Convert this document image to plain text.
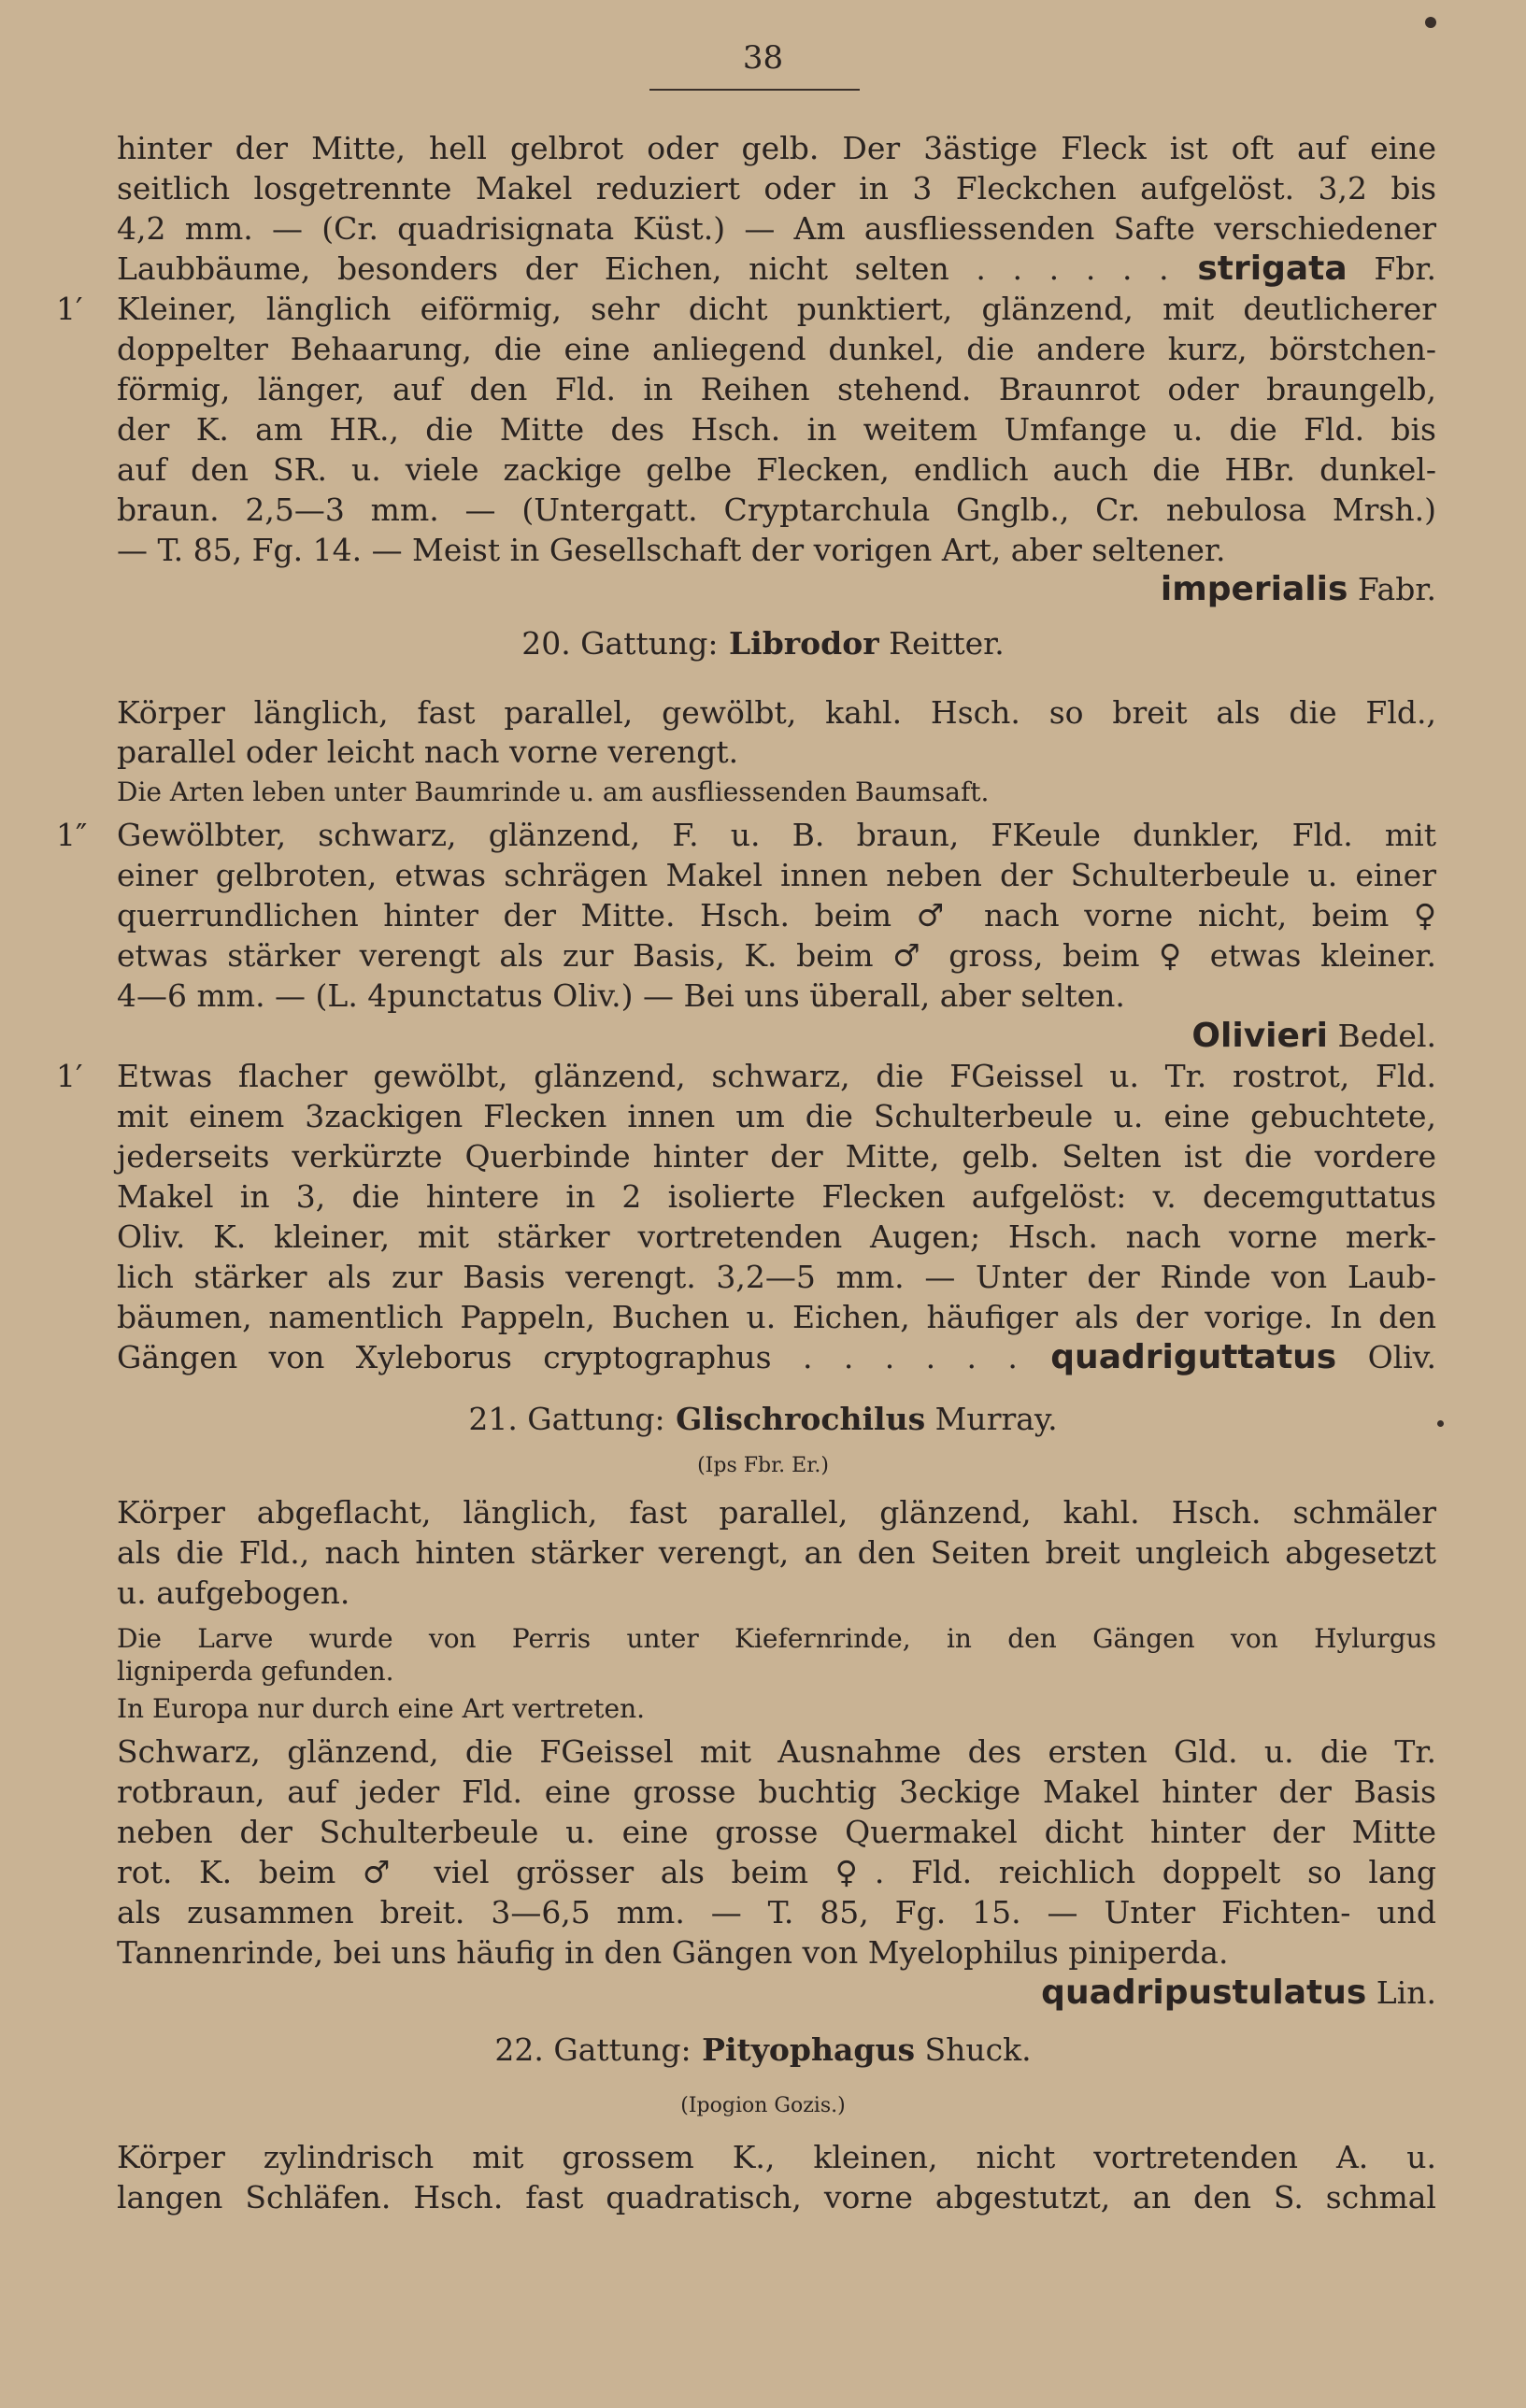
38
hinter der Mitte, hell gelbrot oder gelb. Der 3ästige Fleck ist oft auf eine
seitlich losgetrennte Makel reduziert oder in 3 Fleckchen aufgelöst. 3,2 bis
4,2 mm. — (Cr. quadrisignata Küst.) — Am ausfliessenden Safte verschiedener
Laubbäume, besonders der Eichen, nicht selten . . . . . . strigata Fbr.
1′ Kleiner, länglich eiförmig, sehr dicht punktiert, glänzend, mit deutlicherer
doppelter Behaarung, die eine anliegend dunkel, die andere kurz, börstchen-
förmig, länger, auf den Fld. in Reihen stehend. Braunrot oder braungelb,
der K. am HR., die Mitte des Hsch. in weitem Umfange u. die Fld. bis
auf den SR. u. viele zackige gelbe Flecken, endlich auch die HBr. dunkel-
braun. 2,5—3 mm. — (Untergatt. Cryptarchula Gnglb., Cr. nebulosa Mrsh.)
— T. 85, Fg. 14. — Meist in Gesellschaft der vorigen Art, aber seltener.
imperialis Fabr.
20. Gattung: Librodor Reitter.
Körper länglich, fast parallel, gewölbt, kahl. Hsch. so breit als die Fld.,
parallel oder leicht nach vorne verengt.
Die Arten leben unter Baumrinde u. am ausfliessenden Baumsaft.
1″ Gewölbter, schwarz, glänzend, F. u. B. braun, FKeule dunkler, Fld. mit
einer gelbroten, etwas schrägen Makel innen neben der Schulterbeule u. einer
querrundlichen hinter der Mitte. Hsch. beim ♂ nach vorne nicht, beim ♀
etwas stärker verengt als zur Basis, K. beim ♂ gross, beim ♀ etwas kleiner.
4—6 mm. — (L. 4punctatus Oliv.) — Bei uns überall, aber selten.
Olivieri Bedel.
1′ Etwas flacher gewölbt, glänzend, schwarz, die FGeissel u. Tr. rostrot, Fld.
mit einem 3zackigen Flecken innen um die Schulterbeule u. eine gebuchtete,
jederseits verkürzte Querbinde hinter der Mitte, gelb. Selten ist die vordere
Makel in 3, die hintere in 2 isolierte Flecken aufgelöst: v. decemguttatus
Oliv. K. kleiner, mit stärker vortretenden Augen; Hsch. nach vorne merk-
lich stärker als zur Basis verengt. 3,2—5 mm. — Unter der Rinde von Laub-
bäumen, namentlich Pappeln, Buchen u. Eichen, häufiger als der vorige. In den
Gängen von Xyleborus cryptographus . . . . . . quadriguttatus Oliv.
21. Gattung: Glischrochilus Murray.
(Ips Fbr. Er.)
Körper abgeflacht, länglich, fast parallel, glänzend, kahl. Hsch. schmäler
als die Fld., nach hinten stärker verengt, an den Seiten breit ungleich abgesetzt
u. aufgebogen.
Die Larve wurde von Perris unter Kiefernrinde, in den Gängen von Hylurgus
ligniperda gefunden.
In Europa nur durch eine Art vertreten.
Schwarz, glänzend, die FGeissel mit Ausnahme des ersten Gld. u. die Tr.
rotbraun, auf jeder Fld. eine grosse buchtig 3eckige Makel hinter der Basis
neben der Schulterbeule u. eine grosse Quermakel dicht hinter der Mitte
rot. K. beim ♂ viel grösser als beim ♀. Fld. reichlich doppelt so lang
als zusammen breit. 3—6,5 mm. — T. 85, Fg. 15. — Unter Fichten- und
Tannenrinde, bei uns häufig in den Gängen von Myelophilus piniperda.
quadripustulatus Lin.
22. Gattung: Pityophagus Shuck.
(Ipogion Gozis.)
Körper zylindrisch mit grossem K., kleinen, nicht vortretenden A. u.
langen Schläfen. Hsch. fast quadratisch, vorne abgestutzt, an den S. schmal
